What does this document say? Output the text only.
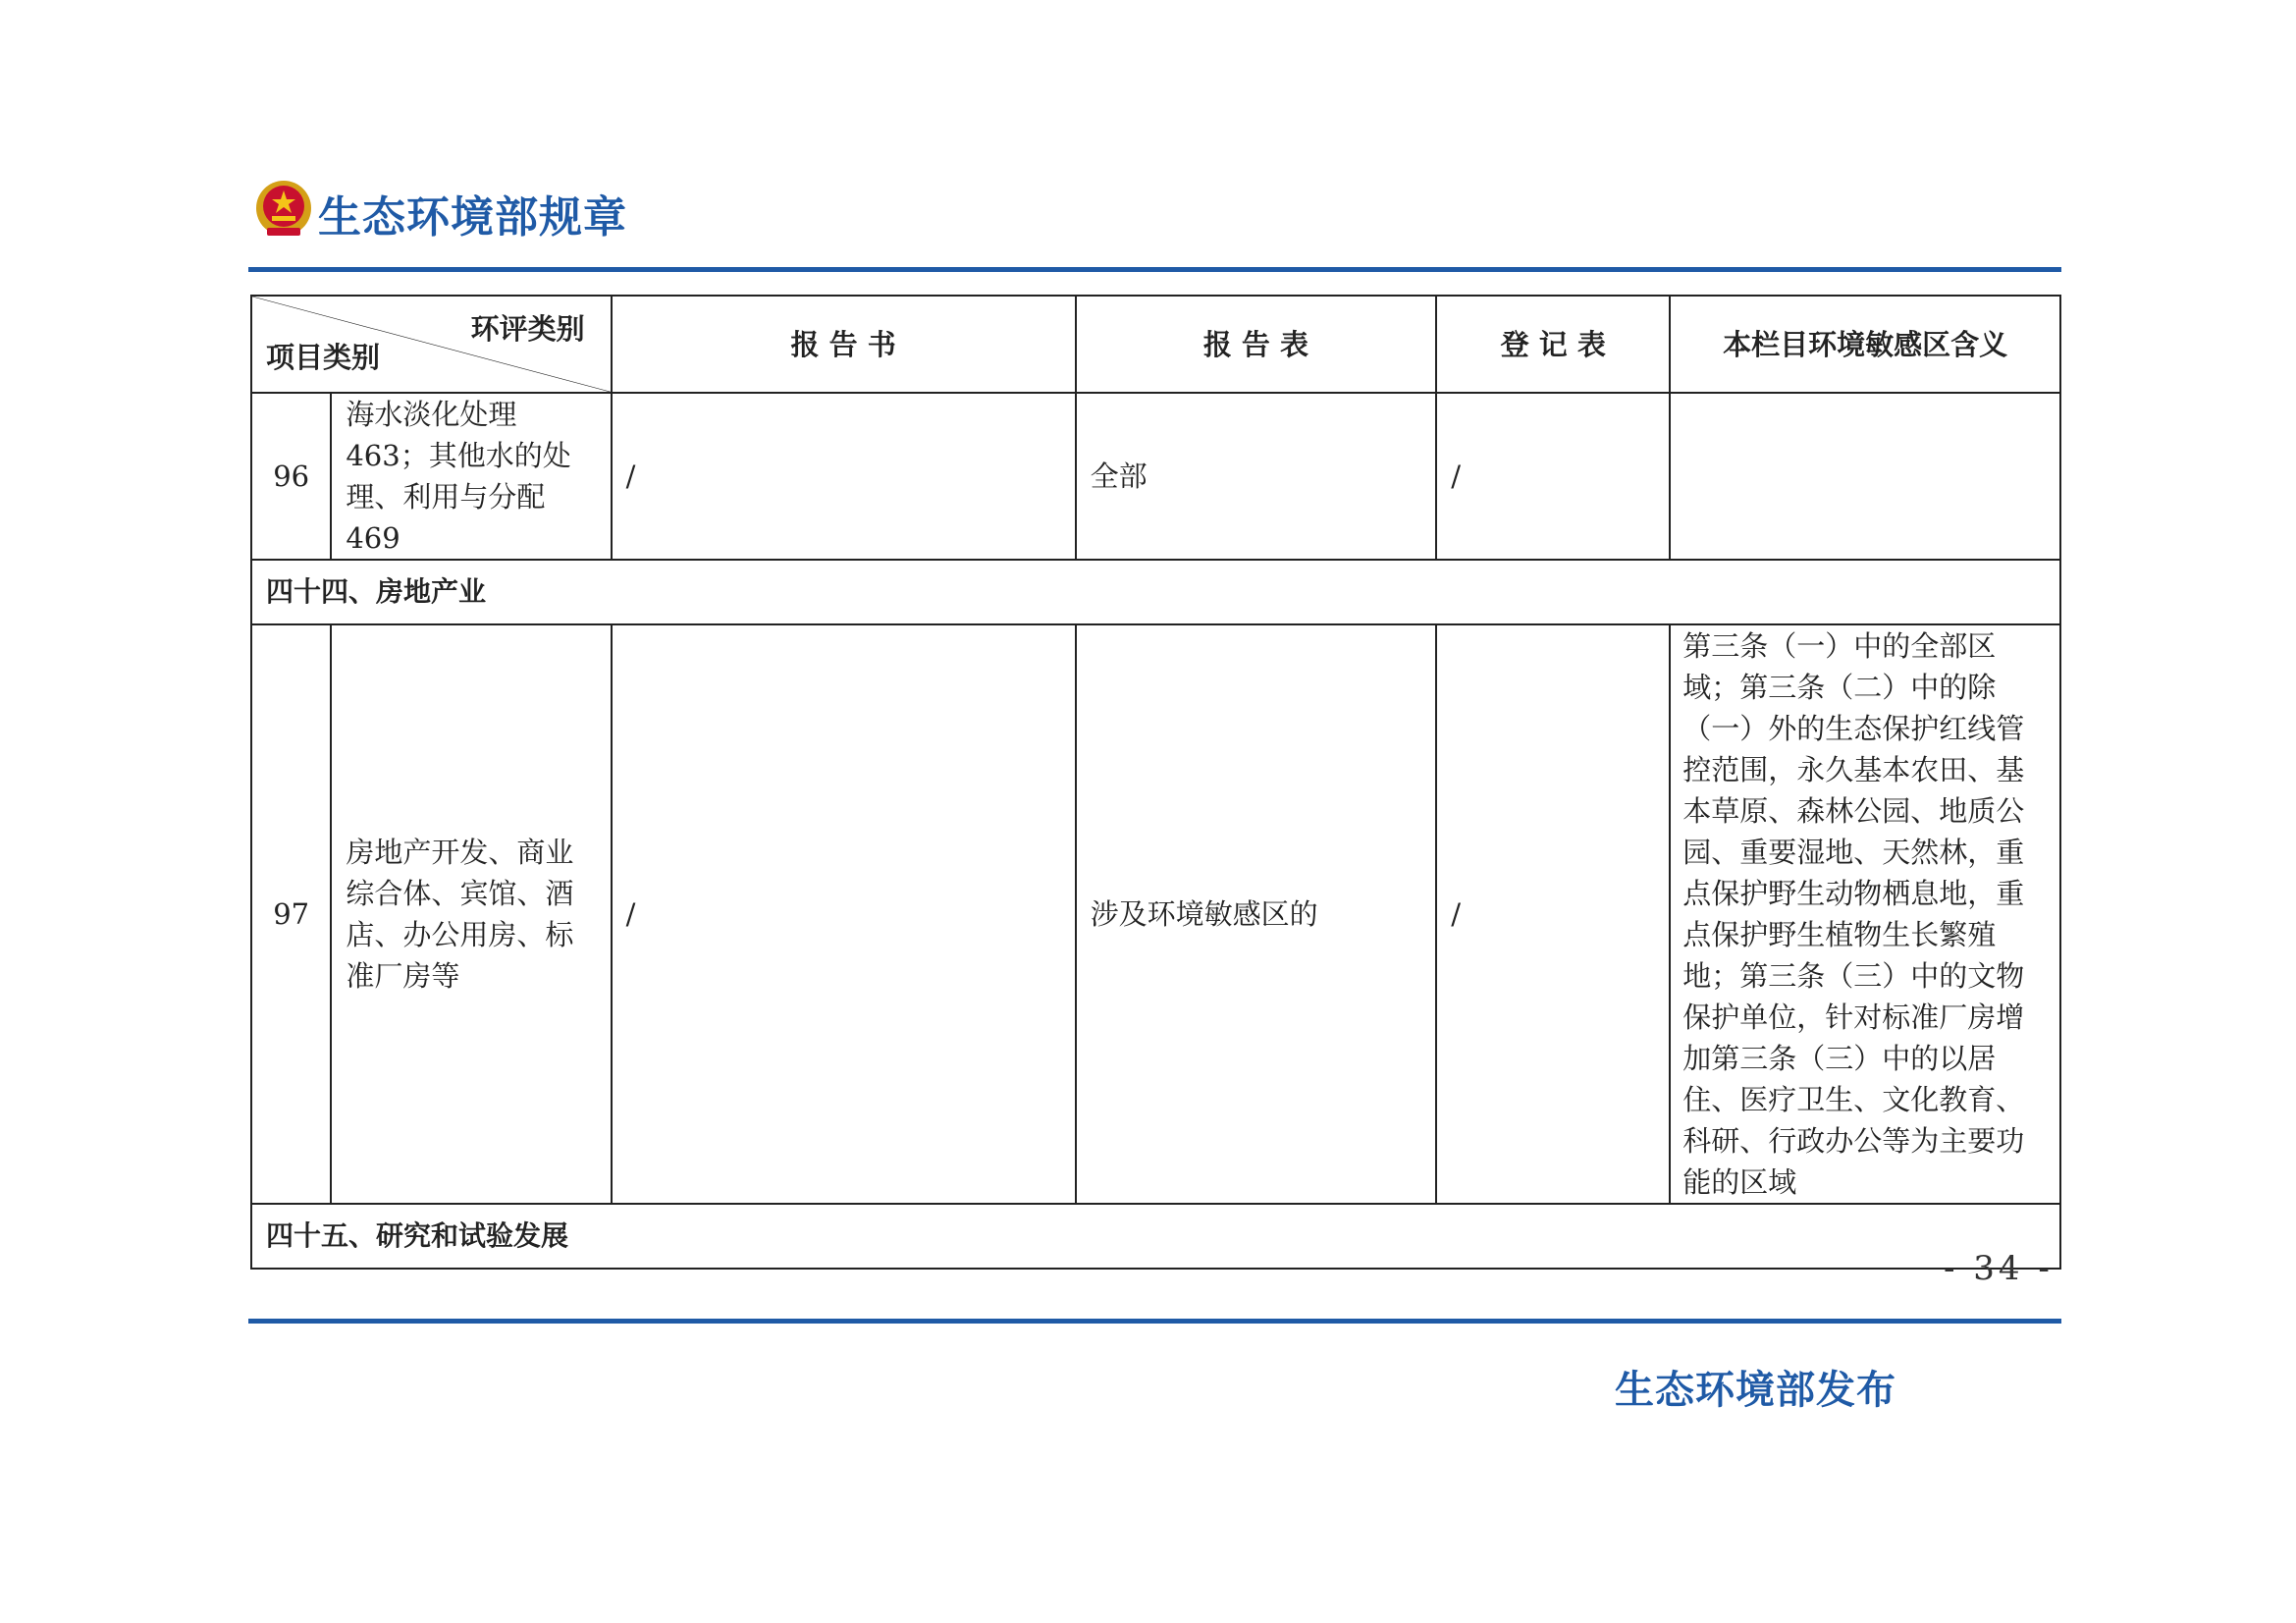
生态环境部规章
环评类别
项目类别		报 告 书	报 告 表	登 记 表	本栏目环境敏感区含义
96	海水淡化处理 463；其他水的处理、利用与分配 469	/	全部	/	
四十四、房地产业					
97	房地产开发、商业综合体、宾馆、酒店、办公用房、标准厂房等	/	涉及环境敏感区的	/	第三条（一）中的全部区域；第三条（二）中的除（一）外的生态保护红线管控范围，永久基本农田、基本草原、森林公园、地质公园、重要湿地、天然林，重点保护野生动物栖息地，重点保护野生植物生长繁殖地；第三条（三）中的文物保护单位，针对标准厂房增加第三条（三）中的以居住、医疗卫生、文化教育、科研、行政办公等为主要功能的区域
四十五、研究和试验发展					
- 34 -
生态环境部发布
